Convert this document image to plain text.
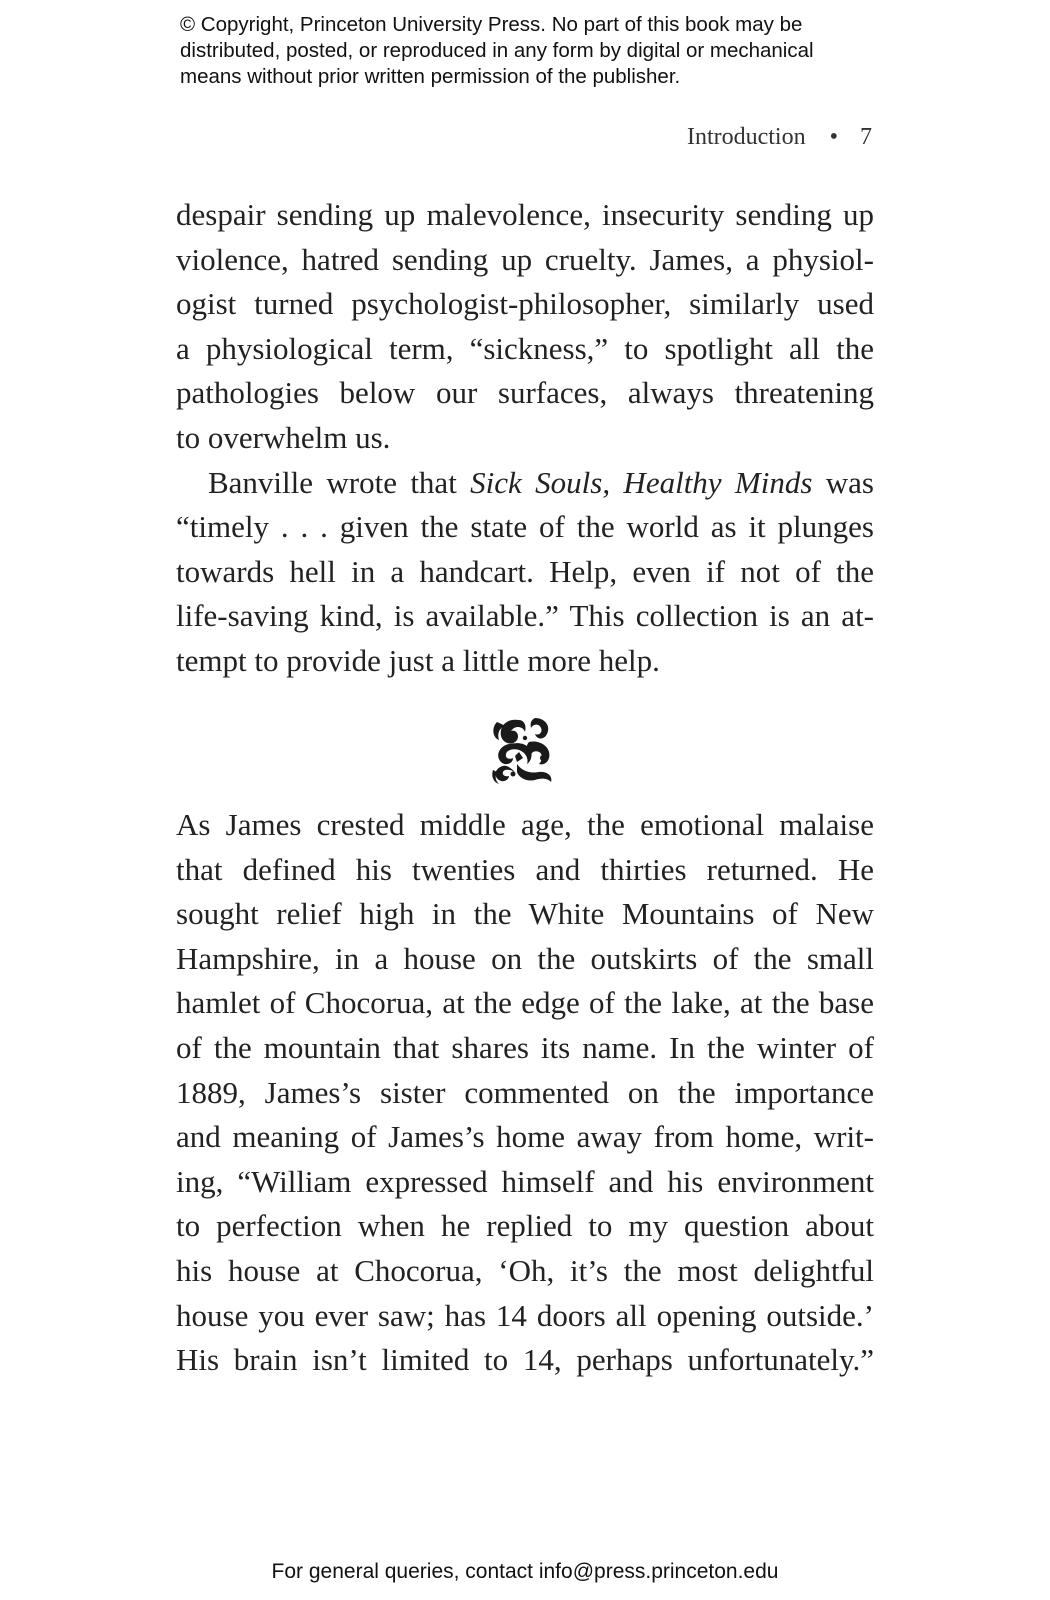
© Copyright, Princeton University Press. No part of this book may be
distributed, posted, or reproduced in any form by digital or mechanical
means without prior written permission of the publisher.
Introduction • 7
despair sending up malevolence, insecurity sending up
violence, hatred sending up cruelty. James, a physiol-
ogist turned psychologist-philosopher, similarly used
a physiological term, “sickness,” to spotlight all the
pathologies below our surfaces, always threatening
to overwhelm us.
Banville wrote that Sick Souls, Healthy Minds was
“timely . . . given the state of the world as it plunges
towards hell in a handcart. Help, even if not of the
life-saving kind, is available.” This collection is an at-
tempt to provide just a little more help.
As James crested middle age, the emotional malaise
that defined his twenties and thirties returned. He
sought relief high in the White Mountains of New
Hampshire, in a house on the outskirts of the small
hamlet of Chocorua, at the edge of the lake, at the base
of the mountain that shares its name. In the winter of
1889, James’s sister commented on the importance
and meaning of James’s home away from home, writ-
ing, “William expressed himself and his environment
to perfection when he replied to my question about
his house at Chocorua, ‘Oh, it’s the most delightful
house you ever saw; has 14 doors all opening outside.’
His brain isn’t limited to 14, perhaps unfortunately.”
For general queries, contact info@press.princeton.edu
